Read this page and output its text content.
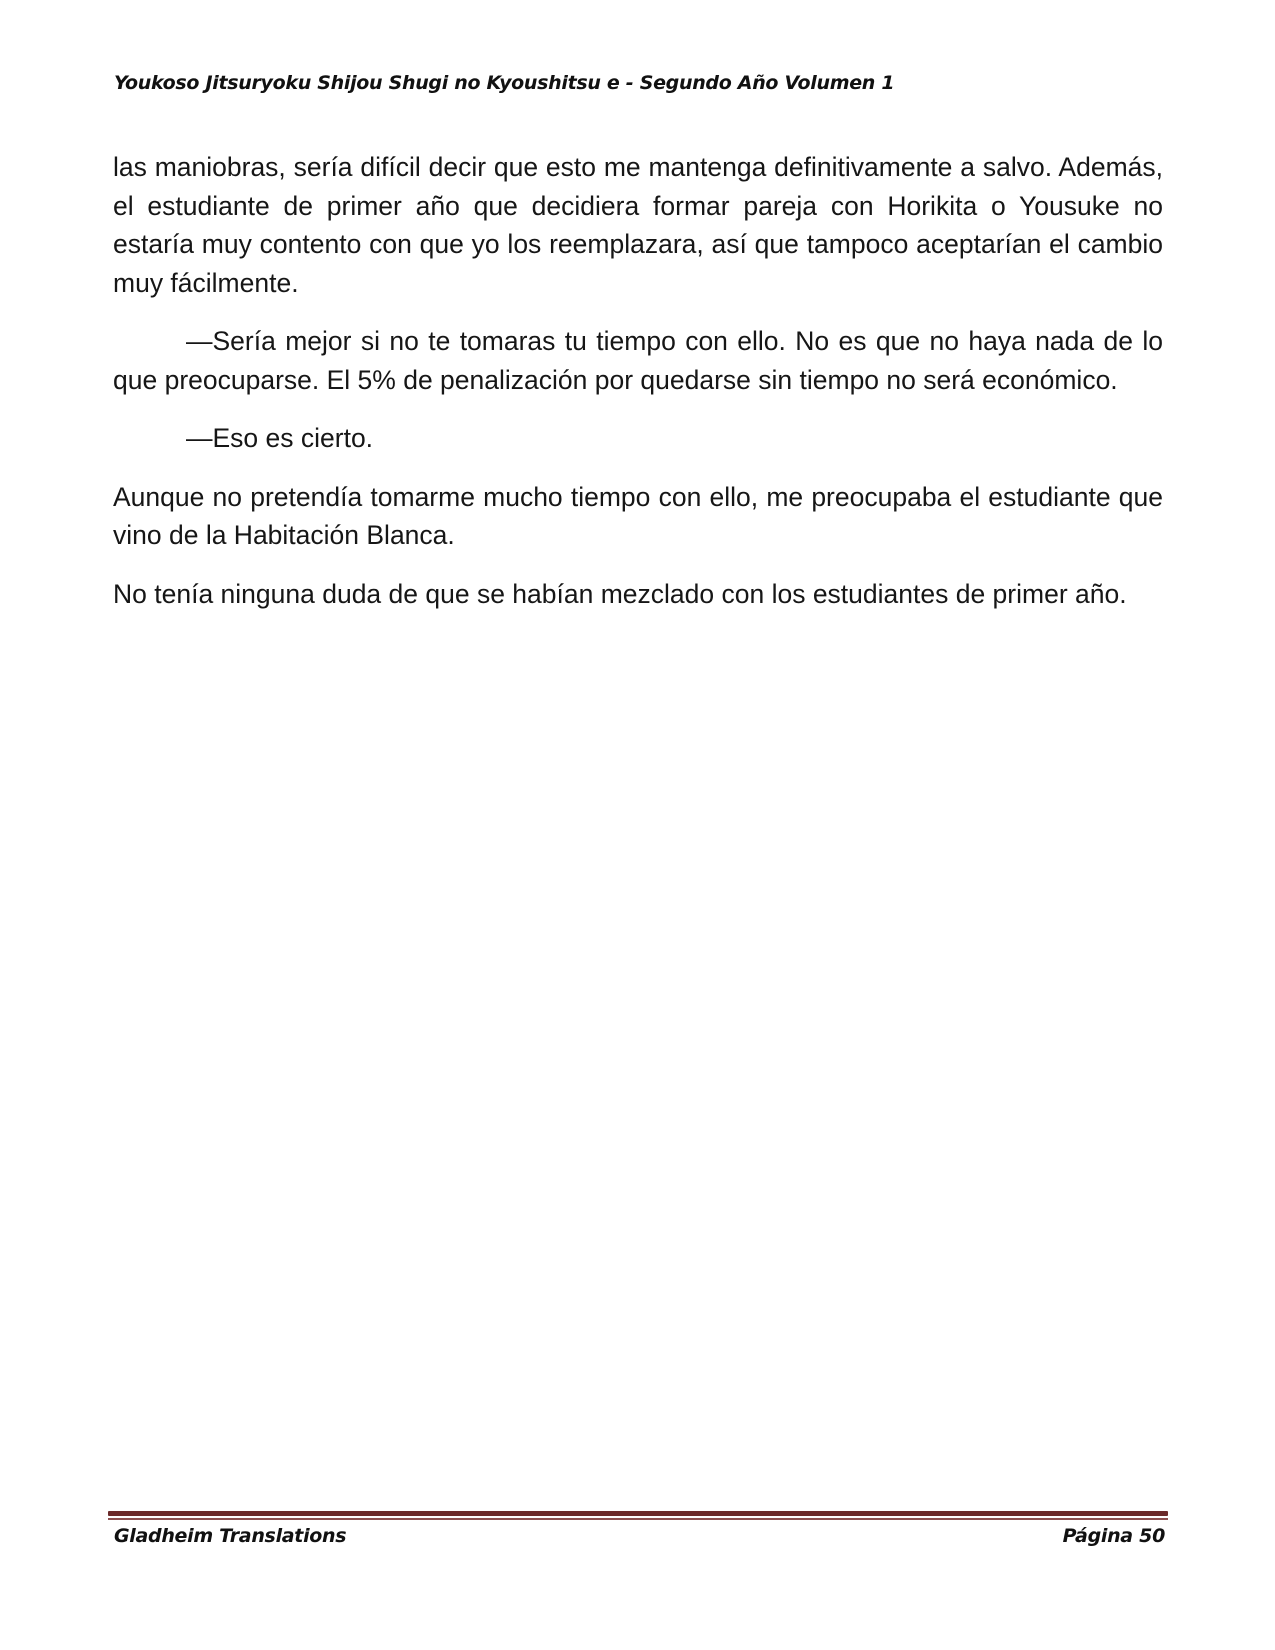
Youkoso Jitsuryoku Shijou Shugi no Kyoushitsu e - Segundo Año Volumen 1

las maniobras, sería difícil decir que esto me mantenga definitivamente a salvo. Además, el estudiante de primer año que decidiera formar pareja con Horikita o Yousuke no estaría muy contento con que yo los reemplazara, así que tampoco aceptarían el cambio muy fácilmente.

—Sería mejor si no te tomaras tu tiempo con ello. No es que no haya nada de lo que preocuparse. El 5% de penalización por quedarse sin tiempo no será económico.

—Eso es cierto.

Aunque no pretendía tomarme mucho tiempo con ello, me preocupaba el estudiante que vino de la Habitación Blanca.

No tenía ninguna duda de que se habían mezclado con los estudiantes de primer año.

Gladheim Translations	Página 50
